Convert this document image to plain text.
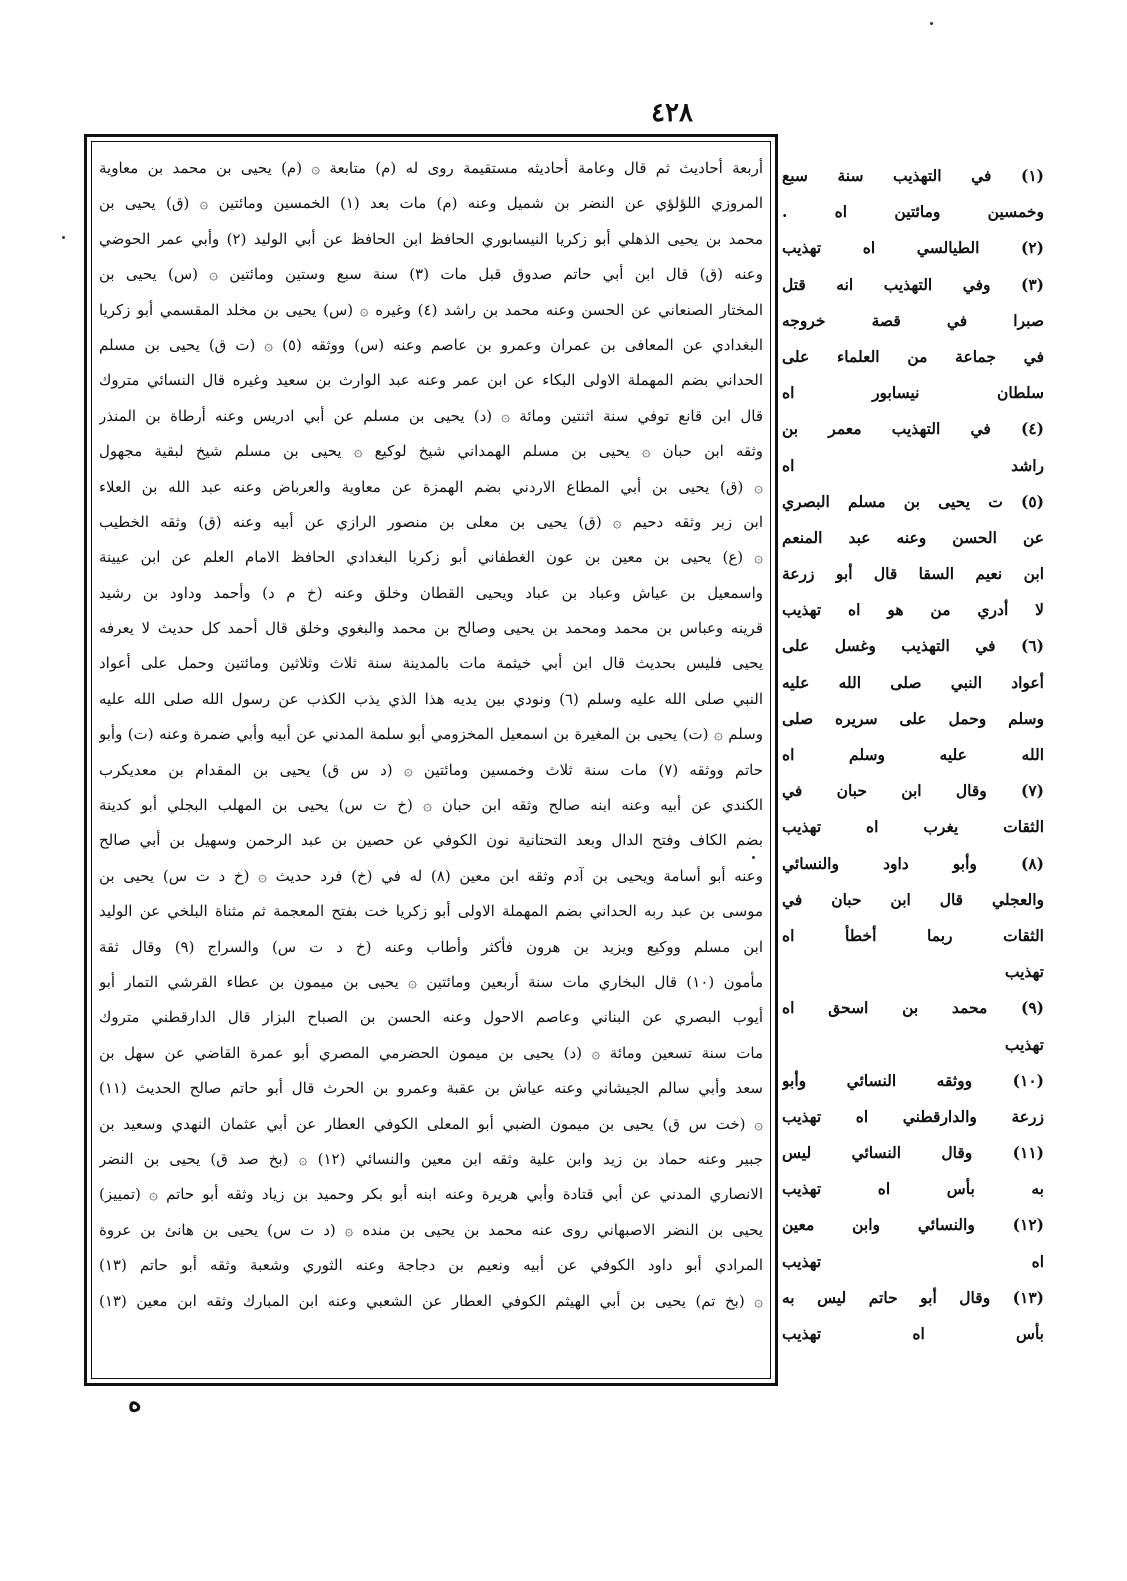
٤٢٨
أربعة أحاديث ثم قال وعامة أحاديثه مستقيمة روى له (م) متابعة ۞ (م) يحيى بن محمد بن معاوية
المروزي اللؤلؤي عن النضر بن شميل وعنه (م) مات بعد (١) الخمسين ومائتين ۞ (ق) يحيى بن
محمد بن يحيى الذهلي أبو زكريا النيسابوري الحافظ ابن الحافظ عن أبي الوليد (٢) وأبي عمر الحوضي
وعنه (ق) قال ابن أبي حاتم صدوق قبل مات (٣) سنة سبع وستين ومائتين ۞ (س) يحيى بن
المختار الصنعاني عن الحسن وعنه محمد بن راشد (٤) وغيره ۞ (س) يحيى بن مخلد المقسمي أبو زكريا
البغدادي عن المعافى بن عمران وعمرو بن عاصم وعنه (س) ووثقه (٥) ۞ (ت ق) يحيى بن مسلم
الحداني بضم المهملة الاولى البكاء عن ابن عمر وعنه عبد الوارث بن سعيد وغيره قال النسائي متروك
قال ابن قانع توفي سنة اثنتين ومائة ۞ (د) يحيى بن مسلم عن أبي ادريس وعنه أرطاة بن المنذر
وثقه ابن حبان ۞ يحيى بن مسلم الهمداني شيخ لوكيع ۞ يحيى بن مسلم شيخ لبقية مجهول
۞ (ق) يحيى بن أبي المطاع الاردني بضم الهمزة عن معاوية والعرباض وعنه عبد الله بن العلاء
ابن زبر وثقه دحيم ۞ (ق) يحيى بن معلى بن منصور الرازي عن أبيه وعنه (ق) وثقه الخطيب
۞ (ع) يحيى بن معين بن عون الغطفاني أبو زكريا البغدادي الحافظ الامام العلم عن ابن عيينة
واسمعيل بن عياش وعباد بن عباد ويحيى القطان وخلق وعنه (خ م د) وأحمد وداود بن رشيد
قرينه وعباس بن محمد ومحمد بن يحيى وصالح بن محمد والبغوي وخلق قال أحمد كل حديث لا يعرفه
يحيى فليس بحديث قال ابن أبي خيثمة مات بالمدينة سنة ثلاث وثلاثين ومائتين وحمل على أعواد
النبي صلى الله عليه وسلم (٦) ونودي بين يديه هذا الذي يذب الكذب عن رسول الله صلى الله عليه
وسلم ۞ (ت) يحيى بن المغيرة بن اسمعيل المخزومي أبو سلمة المدني عن أبيه وأبي ضمرة وعنه (ت) وأبو
حاتم ووثقه (٧) مات سنة ثلاث وخمسين ومائتين ۞ (د س ق) يحيى بن المقدام بن معديكرب
الكندي عن أبيه وعنه ابنه صالح وثقه ابن حبان ۞ (خ ت س) يحيى بن المهلب البجلي أبو كدينة
بضم الكاف وفتح الدال وبعد التحتانية نون الكوفي عن حصين بن عبد الرحمن وسهيل بن أبي صالح
وعنه أبو أسامة ويحيى بن آدم وثقه ابن معين (٨) له في (خ) فرد حديث ۞ (خ د ت س) يحيى بن
موسى بن عبد ربه الحداني بضم المهملة الاولى أبو زكريا خت بفتح المعجمة ثم مثناة البلخي عن الوليد
ابن مسلم ووكيع ويزيد بن هرون فأكثر وأطاب وعنه (خ د ت س) والسراج (٩) وقال ثقة
مأمون (١٠) قال البخاري مات سنة أربعين ومائتين ۞ يحيى بن ميمون بن عطاء القرشي التمار أبو
أيوب البصري عن البناني وعاصم الاحول وعنه الحسن بن الصباح البزار قال الدارقطني متروك
مات سنة تسعين ومائة ۞ (د) يحيى بن ميمون الحضرمي المصري أبو عمرة القاضي عن سهل بن
سعد وأبي سالم الجيشاني وعنه عياش بن عقبة وعمرو بن الحرث قال أبو حاتم صالح الحديث (١١)
۞ (خت س ق) يحيى بن ميمون الضبي أبو المعلى الكوفي العطار عن أبي عثمان النهدي وسعيد بن
جبير وعنه حماد بن زيد وابن علية وثقه ابن معين والنسائي (١٢) ۞ (بخ صد ق) يحيى بن النضر
الانصاري المدني عن أبي قتادة وأبي هريرة وعنه ابنه أبو بكر وحميد بن زياد وثقه أبو حاتم ۞ (تمييز)
يحيى بن النضر الاصبهاني روى عنه محمد بن يحيى بن منده ۞ (د ت س) يحيى بن هانئ بن عروة
المرادي أبو داود الكوفي عن أبيه ونعيم بن دجاجة وعنه الثوري وشعبة وثقه أبو حاتم (١٣)
۞ (بخ تم) يحيى بن أبي الهيثم الكوفي العطار عن الشعبي وعنه ابن المبارك وثقه ابن معين (١٣)
(١) في التهذيب سنة سبع
وخمسين ومائتين اه .
(٢) الطيالسي اه تهذيب
(٣) وفي التهذيب انه قتل
صبرا في قصة خروجه
في جماعة من العلماء على
سلطان نيسابور اه
(٤) في التهذيب معمر بن
راشد اه
(٥) ت يحيى بن مسلم البصري
عن الحسن وعنه عبد المنعم
ابن نعيم السقا قال أبو زرعة
لا أدري من هو اه تهذيب
(٦) في التهذيب وغسل على
أعواد النبي صلى الله عليه
وسلم وحمل على سريره صلى
الله عليه وسلم اه
(٧) وقال ابن حبان في
الثقات يغرب اه تهذيب
(٨) وأبو داود والنسائي
والعجلي قال ابن حبان في
الثقات ربما أخطأ اه
تهذيب
(٩) محمد بن اسحق اه
تهذيب
(١٠) ووثقه النسائي وأبو
زرعة والدارقطني اه تهذيب
(١١) وقال النسائي ليس
به بأس اه تهذيب
(١٢) والنسائي وابن معين
اه تهذيب
(١٣) وقال أبو حاتم ليس به
بأس اه تهذيب
ه
